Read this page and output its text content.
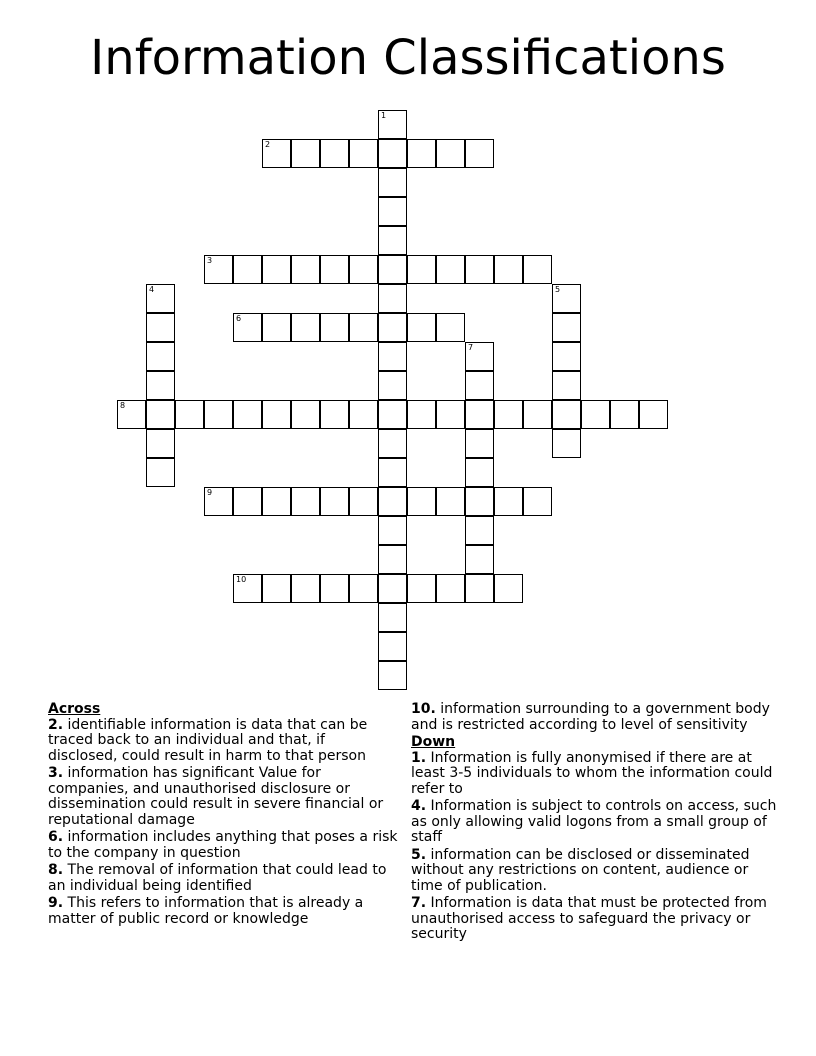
Information Classifications
1
2
3
4	5
6
7
8
9
10
Across
2. identifiable information is data that can be traced back to an individual and that, if disclosed, could result in harm to that person
3. information has significant Value for companies, and unauthorised disclosure or dissemination could result in severe financial or reputational damage
6. information includes anything that poses a risk to the company in question
8. The removal of information that could lead to an individual being identified
9. This refers to information that is already a matter of public record or knowledge
10. information surrounding to a government body and is restricted according to level of sensitivity
Down
1. Information is fully anonymised if there are at least 3-5 individuals to whom the information could refer to
4. Information is subject to controls on access, such as only allowing valid logons from a small group of staff
5. information can be disclosed or disseminated without any restrictions on content, audience or time of publication.
7. Information is data that must be protected from unauthorised access to safeguard the privacy or security
